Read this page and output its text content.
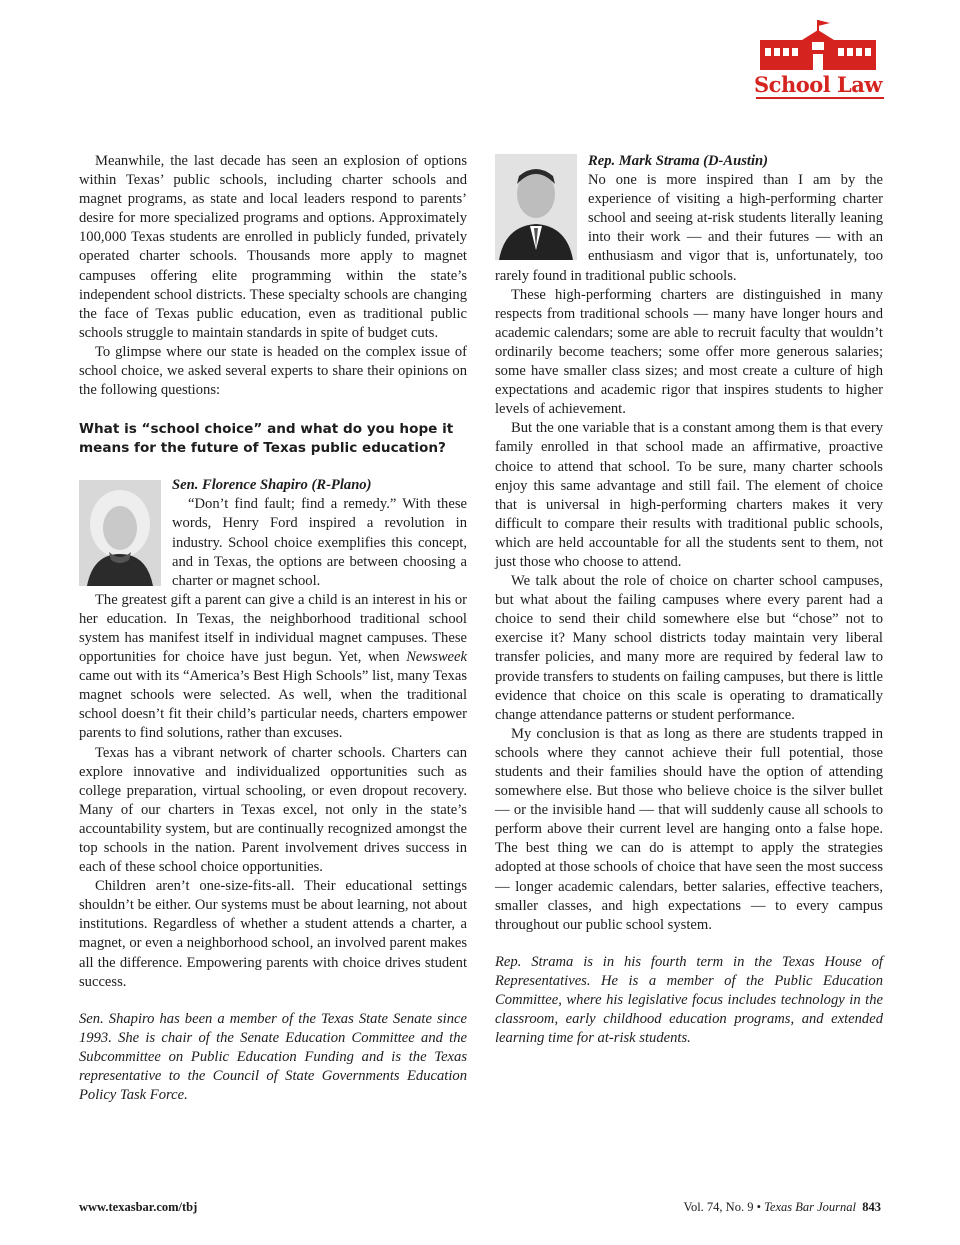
School Law

Meanwhile, the last decade has seen an explosion of options within Texas’ public schools, including charter schools and magnet programs, as state and local leaders respond to parents’ desire for more specialized programs and options. Approximately 100,000 Texas students are enrolled in publicly funded, privately operated charter schools. Thousands more apply to magnet campuses offering elite programming within the state’s independent school districts. These specialty schools are changing the face of Texas public education, even as traditional public schools struggle to maintain standards in spite of budget cuts.

To glimpse where our state is headed on the complex issue of school choice, we asked several experts to share their opinions on the following questions:

What is “school choice” and what do you hope it means for the future of Texas public education?

Sen. Florence Shapiro (R-Plano)
“Don’t find fault; find a remedy.” With these words, Henry Ford inspired a revolution in industry. School choice exemplifies this concept, and in Texas, the options are between choosing a charter or magnet school.

The greatest gift a parent can give a child is an interest in his or her education. In Texas, the neighborhood traditional school system has manifest itself in individual magnet campuses. These opportunities for choice have just begun. Yet, when Newsweek came out with its “America’s Best High Schools” list, many Texas magnet schools were selected. As well, when the traditional school doesn’t fit their child’s particular needs, charters empower parents to find solutions, rather than excuses.

Texas has a vibrant network of charter schools. Charters can explore innovative and individualized opportunities such as college preparation, virtual schooling, or even dropout recovery. Many of our charters in Texas excel, not only in the state’s accountability system, but are continually recognized amongst the top schools in the nation. Parent involvement drives success in each of these school choice opportunities.

Children aren’t one-size-fits-all. Their educational settings shouldn’t be either. Our systems must be about learning, not about institutions. Regardless of whether a student attends a charter, a magnet, or even a neighborhood school, an involved parent makes all the difference. Empowering parents with choice drives student success.

Sen. Shapiro has been a member of the Texas State Senate since 1993. She is chair of the Senate Education Committee and the Subcommittee on Public Education Funding and is the Texas representative to the Council of State Governments Education Policy Task Force.

Rep. Mark Strama (D-Austin)
No one is more inspired than I am by the experience of visiting a high-performing charter school and seeing at-risk students literally leaning into their work — and their futures — with an enthusiasm and vigor that is, unfortunately, too rarely found in traditional public schools.

These high-performing charters are distinguished in many respects from traditional schools — many have longer hours and academic calendars; some are able to recruit faculty that wouldn’t ordinarily become teachers; some offer more generous salaries; some have smaller class sizes; and most create a culture of high expectations and academic rigor that inspires students to higher levels of achievement.

But the one variable that is a constant among them is that every family enrolled in that school made an affirmative, proactive choice to attend that school. To be sure, many charter schools enjoy this same advantage and still fail. The element of choice that is universal in high-performing charters makes it very difficult to compare their results with traditional public schools, which are held accountable for all the students sent to them, not just those who choose to attend.

We talk about the role of choice on charter school campuses, but what about the failing campuses where every parent had a choice to send their child somewhere else but “chose” not to exercise it? Many school districts today maintain very liberal transfer policies, and many more are required by federal law to provide transfers to students on failing campuses, but there is little evidence that choice on this scale is operating to dramatically change attendance patterns or student performance.

My conclusion is that as long as there are students trapped in schools where they cannot achieve their full potential, those students and their families should have the option of attending somewhere else. But those who believe choice is the silver bullet — or the invisible hand — that will suddenly cause all schools to perform above their current level are hanging onto a false hope. The best thing we can do is attempt to apply the strategies adopted at those schools of choice that have seen the most success — longer academic calendars, better salaries, effective teachers, smaller classes, and high expectations — to every campus throughout our public school system.

Rep. Strama is in his fourth term in the Texas House of Representatives. He is a member of the Public Education Committee, where his legislative focus includes technology in the classroom, early childhood education programs, and extended learning time for at-risk students.

www.texasbar.com/tbj	Vol. 74, No. 9 • Texas Bar Journal 843
